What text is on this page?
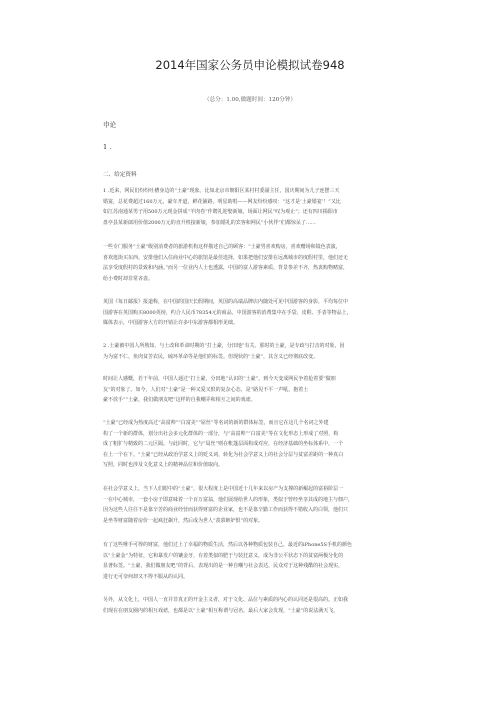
2014年国家公务员申论模拟试卷948
（总分：1.00,做题时间：120分钟）
申论
1 .
二、给定资料
1 .近来，网民们纷纷吐槽身边的“土豪”现象。比如北京市朝阳区某村村委副主任，国庆期间为儿子连摆三天
婚宴，总花费超过160万元，豪车开道，鲜花铺路，明星助唱——网友纷纷感叹：“这才是‘土豪婚宴’！”又比
如江苏南通某男子用500万元现金拼成“羊肉卷”作聘礼迎娶新娘，场面让网民“叹为观止”；还有四川揭阳市
盘亭县某新郎用价值2000万元的直升机接新娘，参加婚礼的宾客和网民“小伙伴”们都惊呆了……
一些专门服务“土豪”级别消费者的旅游机构这样描述自己的顾客：“土豪男喜欢购房，喜欢赠场和镜色表演，
喜欢逛街买东西。安排他们入住商业中心的旅馆是最佳选择，如果把他们安排在远离城市的度假村里，他们还无
法享受度假村的景致和内涵。”而另一位业内人士也透露，中国的富人游客素质、背景参差不齐，热衷购物赌富，
给小费时却非常吝啬。
英国《每日邮报》报道称，在中国的国庆长假期间，英国的高端品牌店内随处可见中国游客的身影，平均每位中
国游客在英国购买8000英镑，约合人民币78354元的商品。中国游客的消费集中在手袋、皮鞋、手表等物品上，
媒体表示，中国游客大方的开销让许多中东游客都相形见绌。
2 .土豪被中国人所熟知，与土改和革命时期的“打土豪，分田地”有关。那时的土豪，是专政与打击的对象，因
为为富不仁、鱼肉贫苦农民，硫环革命等是他们的标签。但现状的“土豪”，其含义已经彻底改变。
时间让人感慨，若干年前，中国人通过“打土豪，分田地”认识的“土豪”，到今天变成网民争着抢着要“做朋
友”的对象了。如今，人们对“土豪”是一种又爱又恨的复杂心态，是“路见不平一声吼，抱着土
豪不放手”“土豪，我们做朋友吧”这样的自我嘲弄和相互之间的戏谑。
“土豪”已经成为热度高过“高富帅”“白富美”“屌丝”等名词的新的群体标签，而且它在这几个名词之外建
构了一个新的群体，划分出社会多元化群体的一部分，与“高富帅”“白富美”等在文化形态上形成了对照，构
成了粗犷与精致的二元区隔。与此同时，它与“局丝”则在帐篷层面构成对应，在经济基础的坐标体系中，一个
在上一个在下。“土豪”已经从政治学意义上的贬义词，转化为社会学意义上的社会分层与贫富差距的一种真白
写照，同时也涉及文化意义上的精神品位和价值取向。
在社会学意义上，当下人们眼中的“土豪”，很大程度上是中国近十几年来以房产为支撑的新崛起的富裕阶层一
一在中心城市，一套小房子即意味着一个百万富翁，他们展现给世人的形象，类似于曾经坐享其成的地主与佃户，
因为这些人往往不是靠辛苦的商业经营而获得财富的企业家，也不是靠辛勤工作而获得不错收入的白领，他们只
是坐等财富随着房价一起疯狂飙升，然后成为世人“羡慕嫉妒恨”的对象。
有了这些唾手可得的财富，他们过上了幸福的物质生活，然后以各种物质包装自己，最近的iPhone5S手机的颜色
以“土豪金”为特征，它和暴发户的镶金牙，有着类似的肥于与装狂意义，成为非公平状态下的贫富两极分化的
显著标签。“土豪，我们做朋友吧”的背后，表现出的是一种自嘲与社会表达，民众对于这种残酷的社会现实，
进行无可奈何却又不得不服从的认同。
另外，从文化上，中国人一直并非真正的开金主义者，对于文化、品位与素质的内心的认同还是很高的。正如我
们现在在朋友圈内的相互戏谑，也都是以“土豪”相互称谓与冠名，最后大家会发现，“土豪”的说法满天飞，
